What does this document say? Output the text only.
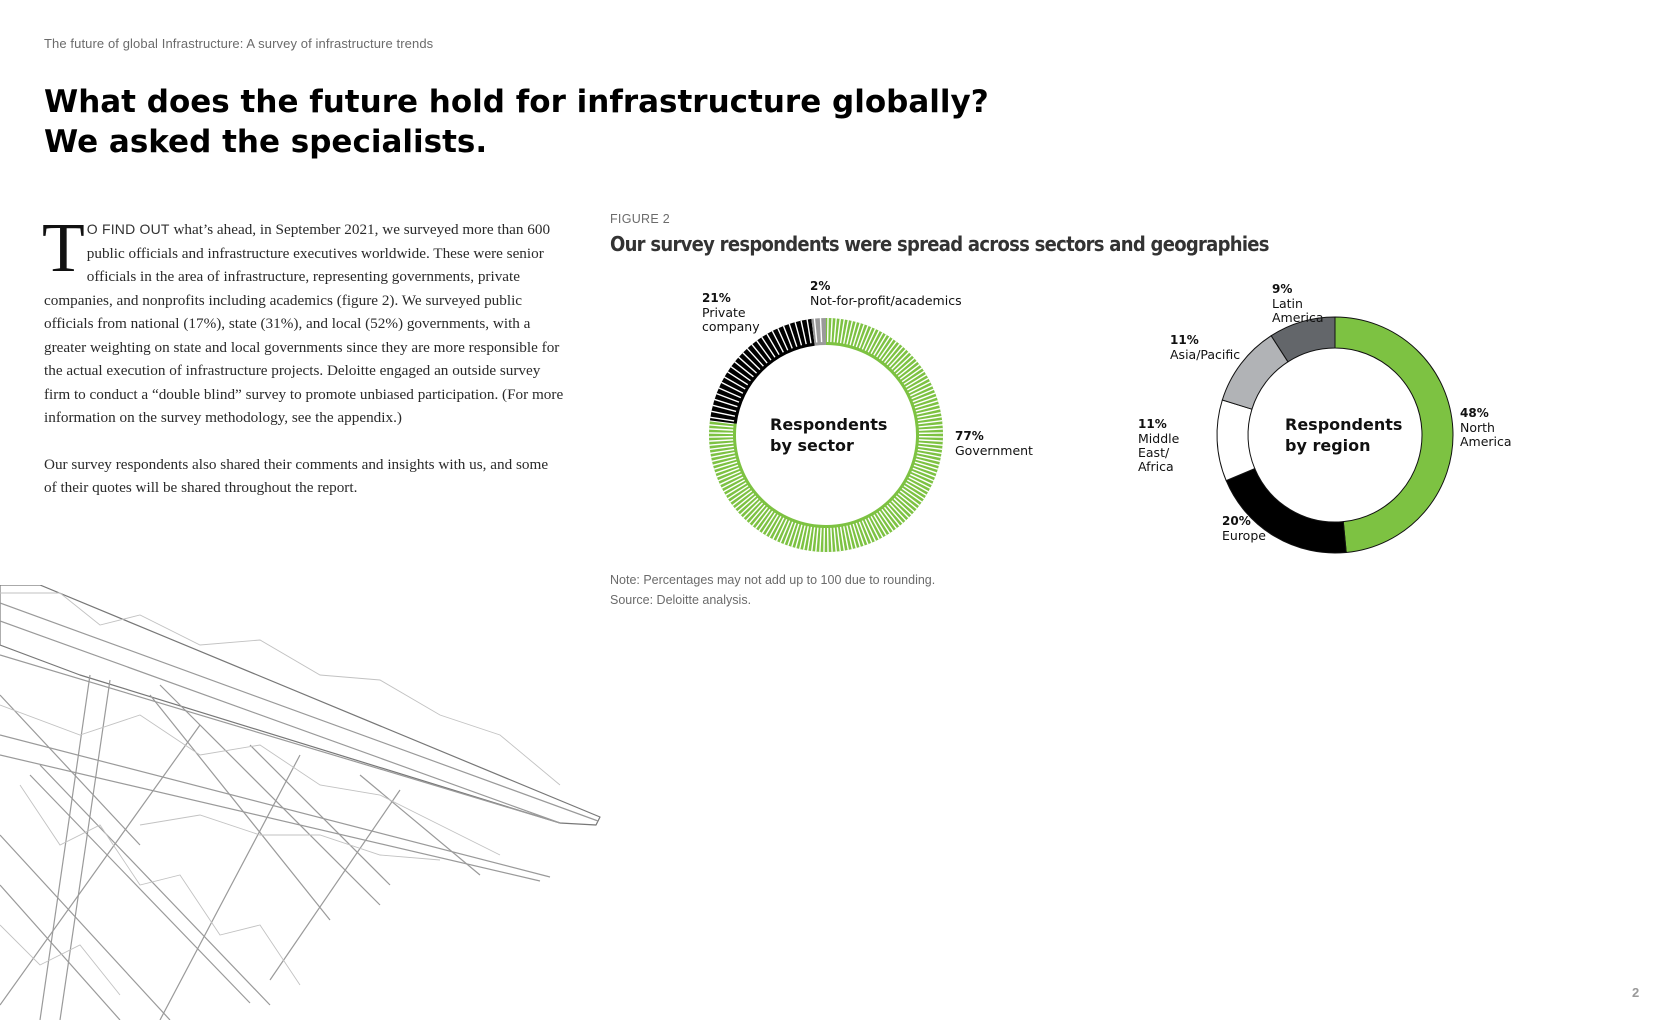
The future of global Infrastructure: A survey of infrastructure trends
What does the future hold for infrastructure globally?
We asked the specialists.

T O FIND OUT what’s ahead, in September 2021, we surveyed more than 600 public officials and infrastructure executives worldwide. These were senior officials in the area of infrastructure, representing governments, private companies, and nonprofits including academics (figure 2). We surveyed public officials from national (17%), state (31%), and local (52%) governments, with a greater weighting on state and local governments since they are more responsible for the actual execution of infrastructure projects. Deloitte engaged an outside survey firm to conduct a “double blind” survey to promote unbiased participation. (For more information on the survey methodology, see the appendix.)

Our survey respondents also shared their comments and insights with us, and some of their quotes will be shared throughout the report.

FIGURE 2
Our survey respondents were spread across sectors and geographies
77%
Government
21%
Private
company
2%
Not-for-profit/academics
Respondents
by sector
48%
North
America
20%
Europe
11%
Middle
East/
Africa
11%
Asia/Pacific
9%
Latin
America
Respondents
by region
Note: Percentages may not add up to 100 due to rounding.
Source: Deloitte analysis.
2
